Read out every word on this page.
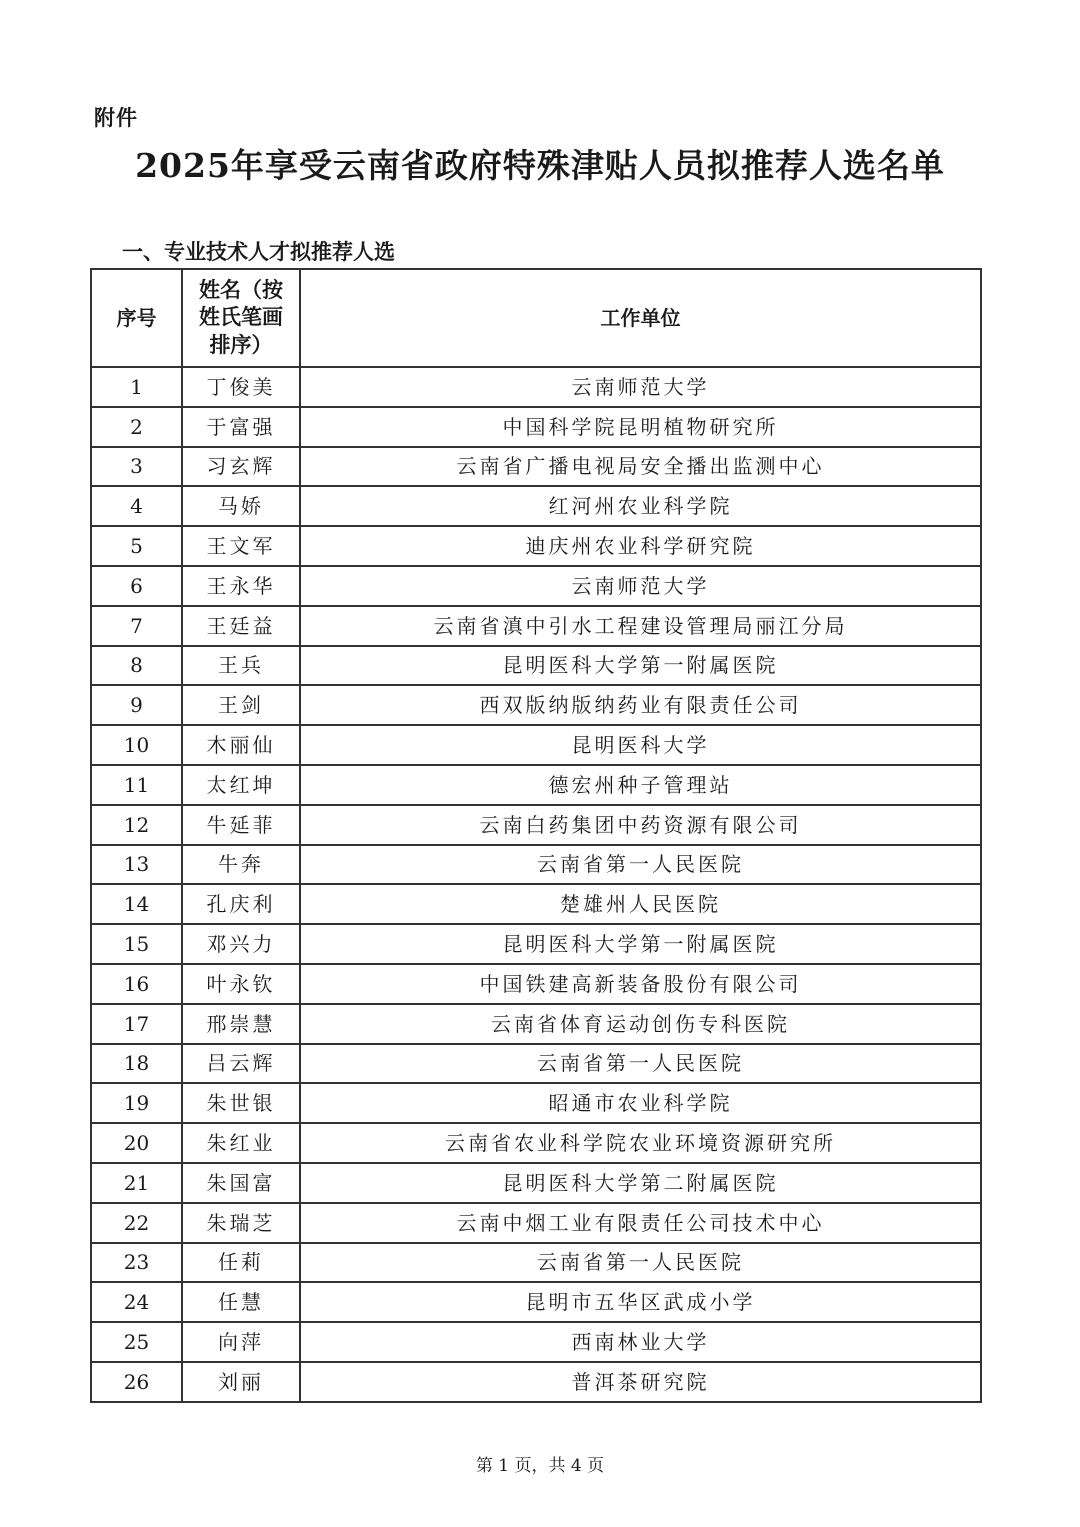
附件
2025年享受云南省政府特殊津贴人员拟推荐人选名单
一、专业技术人才拟推荐人选
序号	姓名（按姓氏笔画排序）	工作单位
1	丁俊美	云南师范大学
2	于富强	中国科学院昆明植物研究所
3	习玄辉	云南省广播电视局安全播出监测中心
4	马娇	红河州农业科学院
5	王文军	迪庆州农业科学研究院
6	王永华	云南师范大学
7	王廷益	云南省滇中引水工程建设管理局丽江分局
8	王兵	昆明医科大学第一附属医院
9	王剑	西双版纳版纳药业有限责任公司
10	木丽仙	昆明医科大学
11	太红坤	德宏州种子管理站
12	牛延菲	云南白药集团中药资源有限公司
13	牛奔	云南省第一人民医院
14	孔庆利	楚雄州人民医院
15	邓兴力	昆明医科大学第一附属医院
16	叶永钦	中国铁建高新装备股份有限公司
17	邢崇慧	云南省体育运动创伤专科医院
18	吕云辉	云南省第一人民医院
19	朱世银	昭通市农业科学院
20	朱红业	云南省农业科学院农业环境资源研究所
21	朱国富	昆明医科大学第二附属医院
22	朱瑞芝	云南中烟工业有限责任公司技术中心
23	任莉	云南省第一人民医院
24	任慧	昆明市五华区武成小学
25	向萍	西南林业大学
26	刘丽	普洱茶研究院
第 1 页，共 4 页
